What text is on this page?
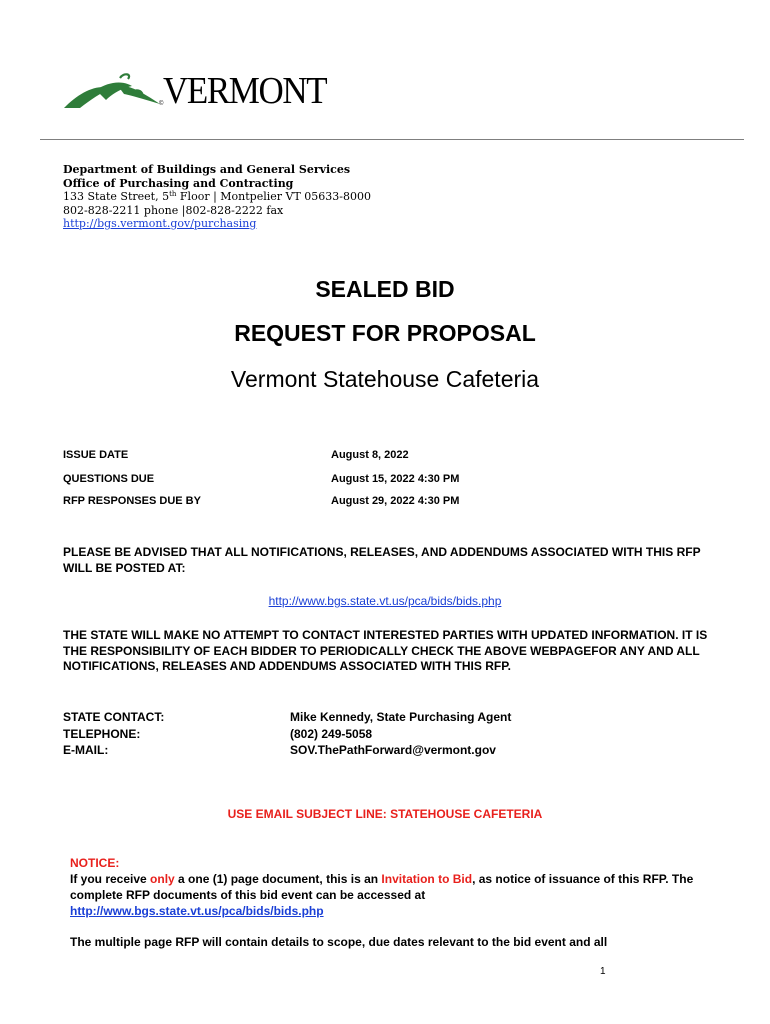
VERMONT
©
Department of Buildings and General Services
Office of Purchasing and Contracting
133 State Street, 5th Floor | Montpelier VT 05633-8000
802-828-2211 phone |802-828-2222 fax
http://bgs.vermont.gov/purchasing
SEALED BID
REQUEST FOR PROPOSAL
Vermont Statehouse Cafeteria
ISSUE DATE	August 8, 2022
QUESTIONS DUE	August 15, 2022 4:30 PM
RFP RESPONSES DUE BY	August 29, 2022 4:30 PM
PLEASE BE ADVISED THAT ALL NOTIFICATIONS, RELEASES, AND ADDENDUMS ASSOCIATED WITH THIS RFP WILL BE POSTED AT:
http://www.bgs.state.vt.us/pca/bids/bids.php
THE STATE WILL MAKE NO ATTEMPT TO CONTACT INTERESTED PARTIES WITH UPDATED INFORMATION. IT IS THE RESPONSIBILITY OF EACH BIDDER TO PERIODICALLY CHECK THE ABOVE WEBPAGEFOR ANY AND ALL NOTIFICATIONS, RELEASES AND ADDENDUMS ASSOCIATED WITH THIS RFP.
STATE CONTACT:	Mike Kennedy, State Purchasing Agent
TELEPHONE:	(802) 249-5058
E-MAIL:	SOV.ThePathForward@vermont.gov
USE EMAIL SUBJECT LINE: STATEHOUSE CAFETERIA
NOTICE:
If you receive only a one (1) page document, this is an Invitation to Bid, as notice of issuance of this RFP. The complete RFP documents of this bid event can be accessed at
http://www.bgs.state.vt.us/pca/bids/bids.php
The multiple page RFP will contain details to scope, due dates relevant to the bid event and all
1
